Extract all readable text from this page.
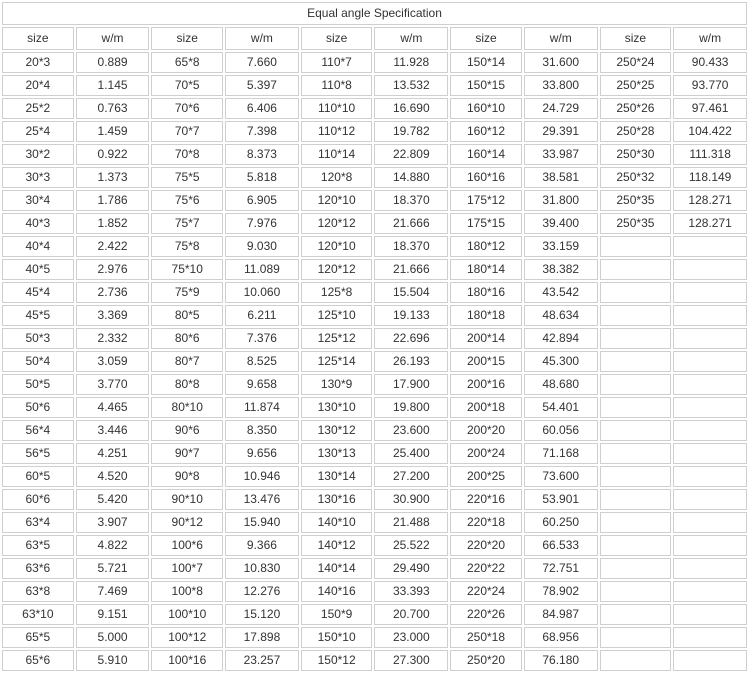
Equal angle Specification									
size	w/m	size	w/m	size	w/m	size	w/m	size	w/m
20*3	0.889	65*8	7.660	110*7	11.928	150*14	31.600	250*24	90.433
20*4	1.145	70*5	5.397	110*8	13.532	150*15	33.800	250*25	93.770
25*2	0.763	70*6	6.406	110*10	16.690	160*10	24.729	250*26	97.461
25*4	1.459	70*7	7.398	110*12	19.782	160*12	29.391	250*28	104.422
30*2	0.922	70*8	8.373	110*14	22.809	160*14	33.987	250*30	111.318
30*3	1.373	75*5	5.818	120*8	14.880	160*16	38.581	250*32	118.149
30*4	1.786	75*6	6.905	120*10	18.370	175*12	31.800	250*35	128.271
40*3	1.852	75*7	7.976	120*12	21.666	175*15	39.400	250*35	128.271
40*4	2.422	75*8	9.030	120*10	18.370	180*12	33.159		
40*5	2.976	75*10	11.089	120*12	21.666	180*14	38.382		
45*4	2.736	75*9	10.060	125*8	15.504	180*16	43.542		
45*5	3.369	80*5	6.211	125*10	19.133	180*18	48.634		
50*3	2.332	80*6	7.376	125*12	22.696	200*14	42.894		
50*4	3.059	80*7	8.525	125*14	26.193	200*15	45.300		
50*5	3.770	80*8	9.658	130*9	17.900	200*16	48.680		
50*6	4.465	80*10	11.874	130*10	19.800	200*18	54.401		
56*4	3.446	90*6	8.350	130*12	23.600	200*20	60.056		
56*5	4.251	90*7	9.656	130*13	25.400	200*24	71.168		
60*5	4.520	90*8	10.946	130*14	27.200	200*25	73.600		
60*6	5.420	90*10	13.476	130*16	30.900	220*16	53.901		
63*4	3.907	90*12	15.940	140*10	21.488	220*18	60.250		
63*5	4.822	100*6	9.366	140*12	25.522	220*20	66.533		
63*6	5.721	100*7	10.830	140*14	29.490	220*22	72.751		
63*8	7.469	100*8	12.276	140*16	33.393	220*24	78.902		
63*10	9.151	100*10	15.120	150*9	20.700	220*26	84.987		
65*5	5.000	100*12	17.898	150*10	23.000	250*18	68.956		
65*6	5.910	100*16	23.257	150*12	27.300	250*20	76.180		
